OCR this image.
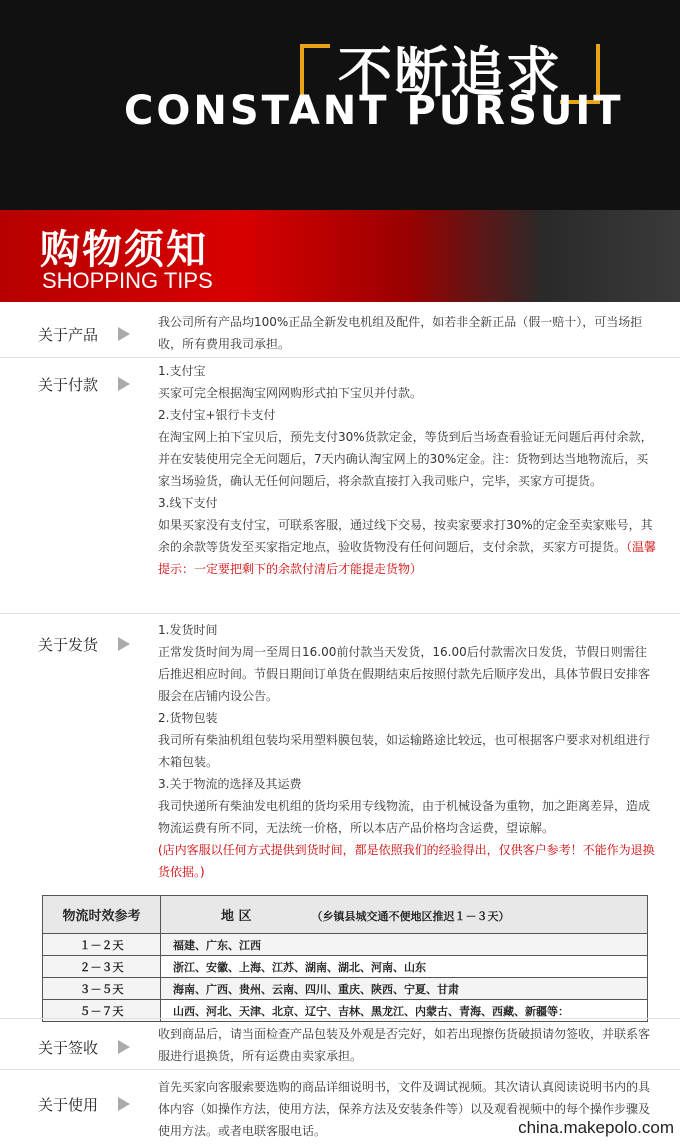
不断追求
CONSTANT PURSUIT
购物须知
SHOPPING TIPS
关于产品

我公司所有产品均100%正品全新发电机组及配件，如若非全新正品（假一赔十），可当场拒收，所有费用我司承担。

关于付款

1.支付宝

买家可完全根据淘宝网网购形式拍下宝贝并付款。

2.支付宝+银行卡支付

在淘宝网上拍下宝贝后，预先支付30%货款定金，等货到后当场查看验证无问题后再付余款，并在安装使用完全无问题后，7天内确认淘宝网上的30%定金。注：货物到达当地物流后，买家当场验货，确认无任何问题后，将余款直接打入我司账户，完毕，买家方可提货。

3.线下支付

如果买家没有支付宝，可联系客服，通过线下交易，按卖家要求打30%的定金至卖家账号，其余的余款等货发至买家指定地点，验收货物没有任何问题后，支付余款，买家方可提货。（温馨提示：一定要把剩下的余款付清后才能提走货物）

关于发货

1.发货时间

正常发货时间为周一至周日16.00前付款当天发货，16.00后付款需次日发货，节假日则需往后推迟相应时间。节假日期间订单货在假期结束后按照付款先后顺序发出，具体节假日安排客服会在店铺内设公告。

2.货物包装

我司所有柴油机组包装均采用塑料膜包装，如运输路途比较远，也可根据客户要求对机组进行木箱包装。

3.关于物流的选择及其运费

我司快递所有柴油发电机组的货均采用专线物流，由于机械设备为重物，加之距离差异，造成物流运费有所不同，无法统一价格，所以本店产品价格均含运费，望谅解。

(店内客服以任何方式提供到货时间，都是依照我们的经验得出，仅供客户参考！不能作为退换货依据。)

物流时效参考	地 区 （乡镇县城交通不便地区推迟１－３天）
１－２天	福建、广东、江西
２－３天	浙江、安徽、上海、江苏、湖南、湖北、河南、山东
３－５天	海南、广西、贵州、云南、四川、重庆、陕西、宁夏、甘肃
５－７天	山西、河北、天津、北京、辽宁、吉林、黑龙江、内蒙古、青海、西藏、新疆等：
关于签收

收到商品后，请当面检查产品包装及外观是否完好，如若出现擦伤货破损请勿签收，并联系客服进行退换货，所有运费由卖家承担。

关于使用

首先买家向客服索要选购的商品详细说明书，文件及调试视频。其次请认真阅读说明书内的具体内容（如操作方法，使用方法，保养方法及安装条件等）以及观看视频中的每个操作步骤及使用方法。或者电联客服电话。	china.makepolo.com
